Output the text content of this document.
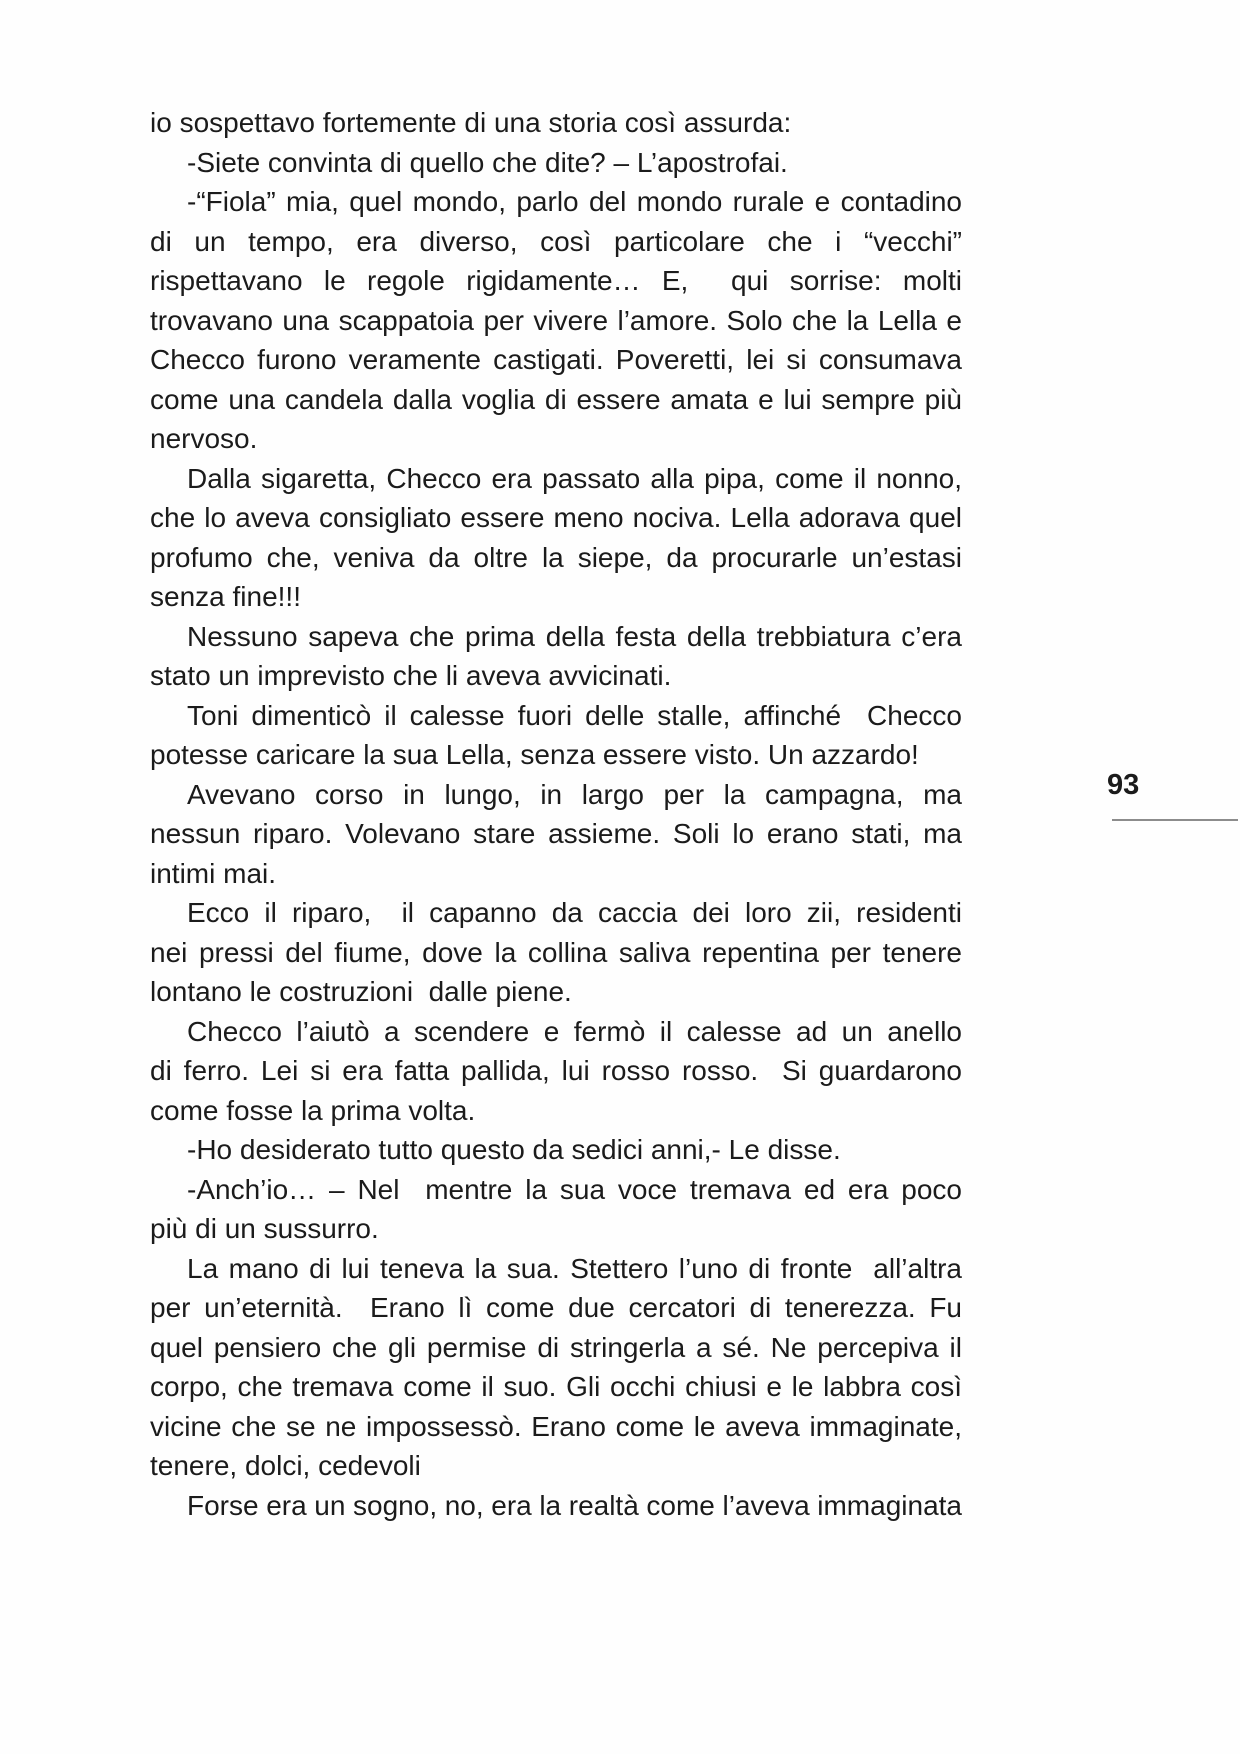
io sospettavo fortemente di una storia così assurda:
-Siete convinta di quello che dite? – L’apostrofai.
-“Fiola” mia, quel mondo, parlo del mondo rurale e contadino
di un tempo, era diverso, così particolare che i “vecchi”
rispettavano le regole rigidamente… E,  qui sorrise: molti
trovavano una scappatoia per vivere l’amore. Solo che la Lella e
Checco furono veramente castigati. Poveretti, lei si consumava
come una candela dalla voglia di essere amata e lui sempre più
nervoso.
Dalla sigaretta, Checco era passato alla pipa, come il nonno,
che lo aveva consigliato essere meno nociva. Lella adorava quel
profumo che, veniva da oltre la siepe, da procurarle un’estasi
senza fine!!!
Nessuno sapeva che prima della festa della trebbiatura c’era
stato un imprevisto che li aveva avvicinati.
Toni dimenticò il calesse fuori delle stalle, affinché  Checco
potesse caricare la sua Lella, senza essere visto. Un azzardo!
Avevano corso in lungo, in largo per la campagna, ma
nessun riparo. Volevano stare assieme. Soli lo erano stati, ma
intimi mai.
Ecco il riparo,  il capanno da caccia dei loro zii, residenti
nei pressi del fiume, dove la collina saliva repentina per tenere
lontano le costruzioni  dalle piene.
Checco l’aiutò a scendere e fermò il calesse ad un anello
di ferro. Lei si era fatta pallida, lui rosso rosso.  Si guardarono
come fosse la prima volta.
-Ho desiderato tutto questo da sedici anni,- Le disse.
-Anch’io… – Nel  mentre la sua voce tremava ed era poco
più di un sussurro.
La mano di lui teneva la sua. Stettero l’uno di fronte  all’altra
per un’eternità.  Erano lì come due cercatori di tenerezza. Fu
quel pensiero che gli permise di stringerla a sé. Ne percepiva il
corpo, che tremava come il suo. Gli occhi chiusi e le labbra così
vicine che se ne impossessò. Erano come le aveva immaginate,
tenere, dolci, cedevoli
Forse era un sogno, no, era la realtà come l’aveva immaginata
93
